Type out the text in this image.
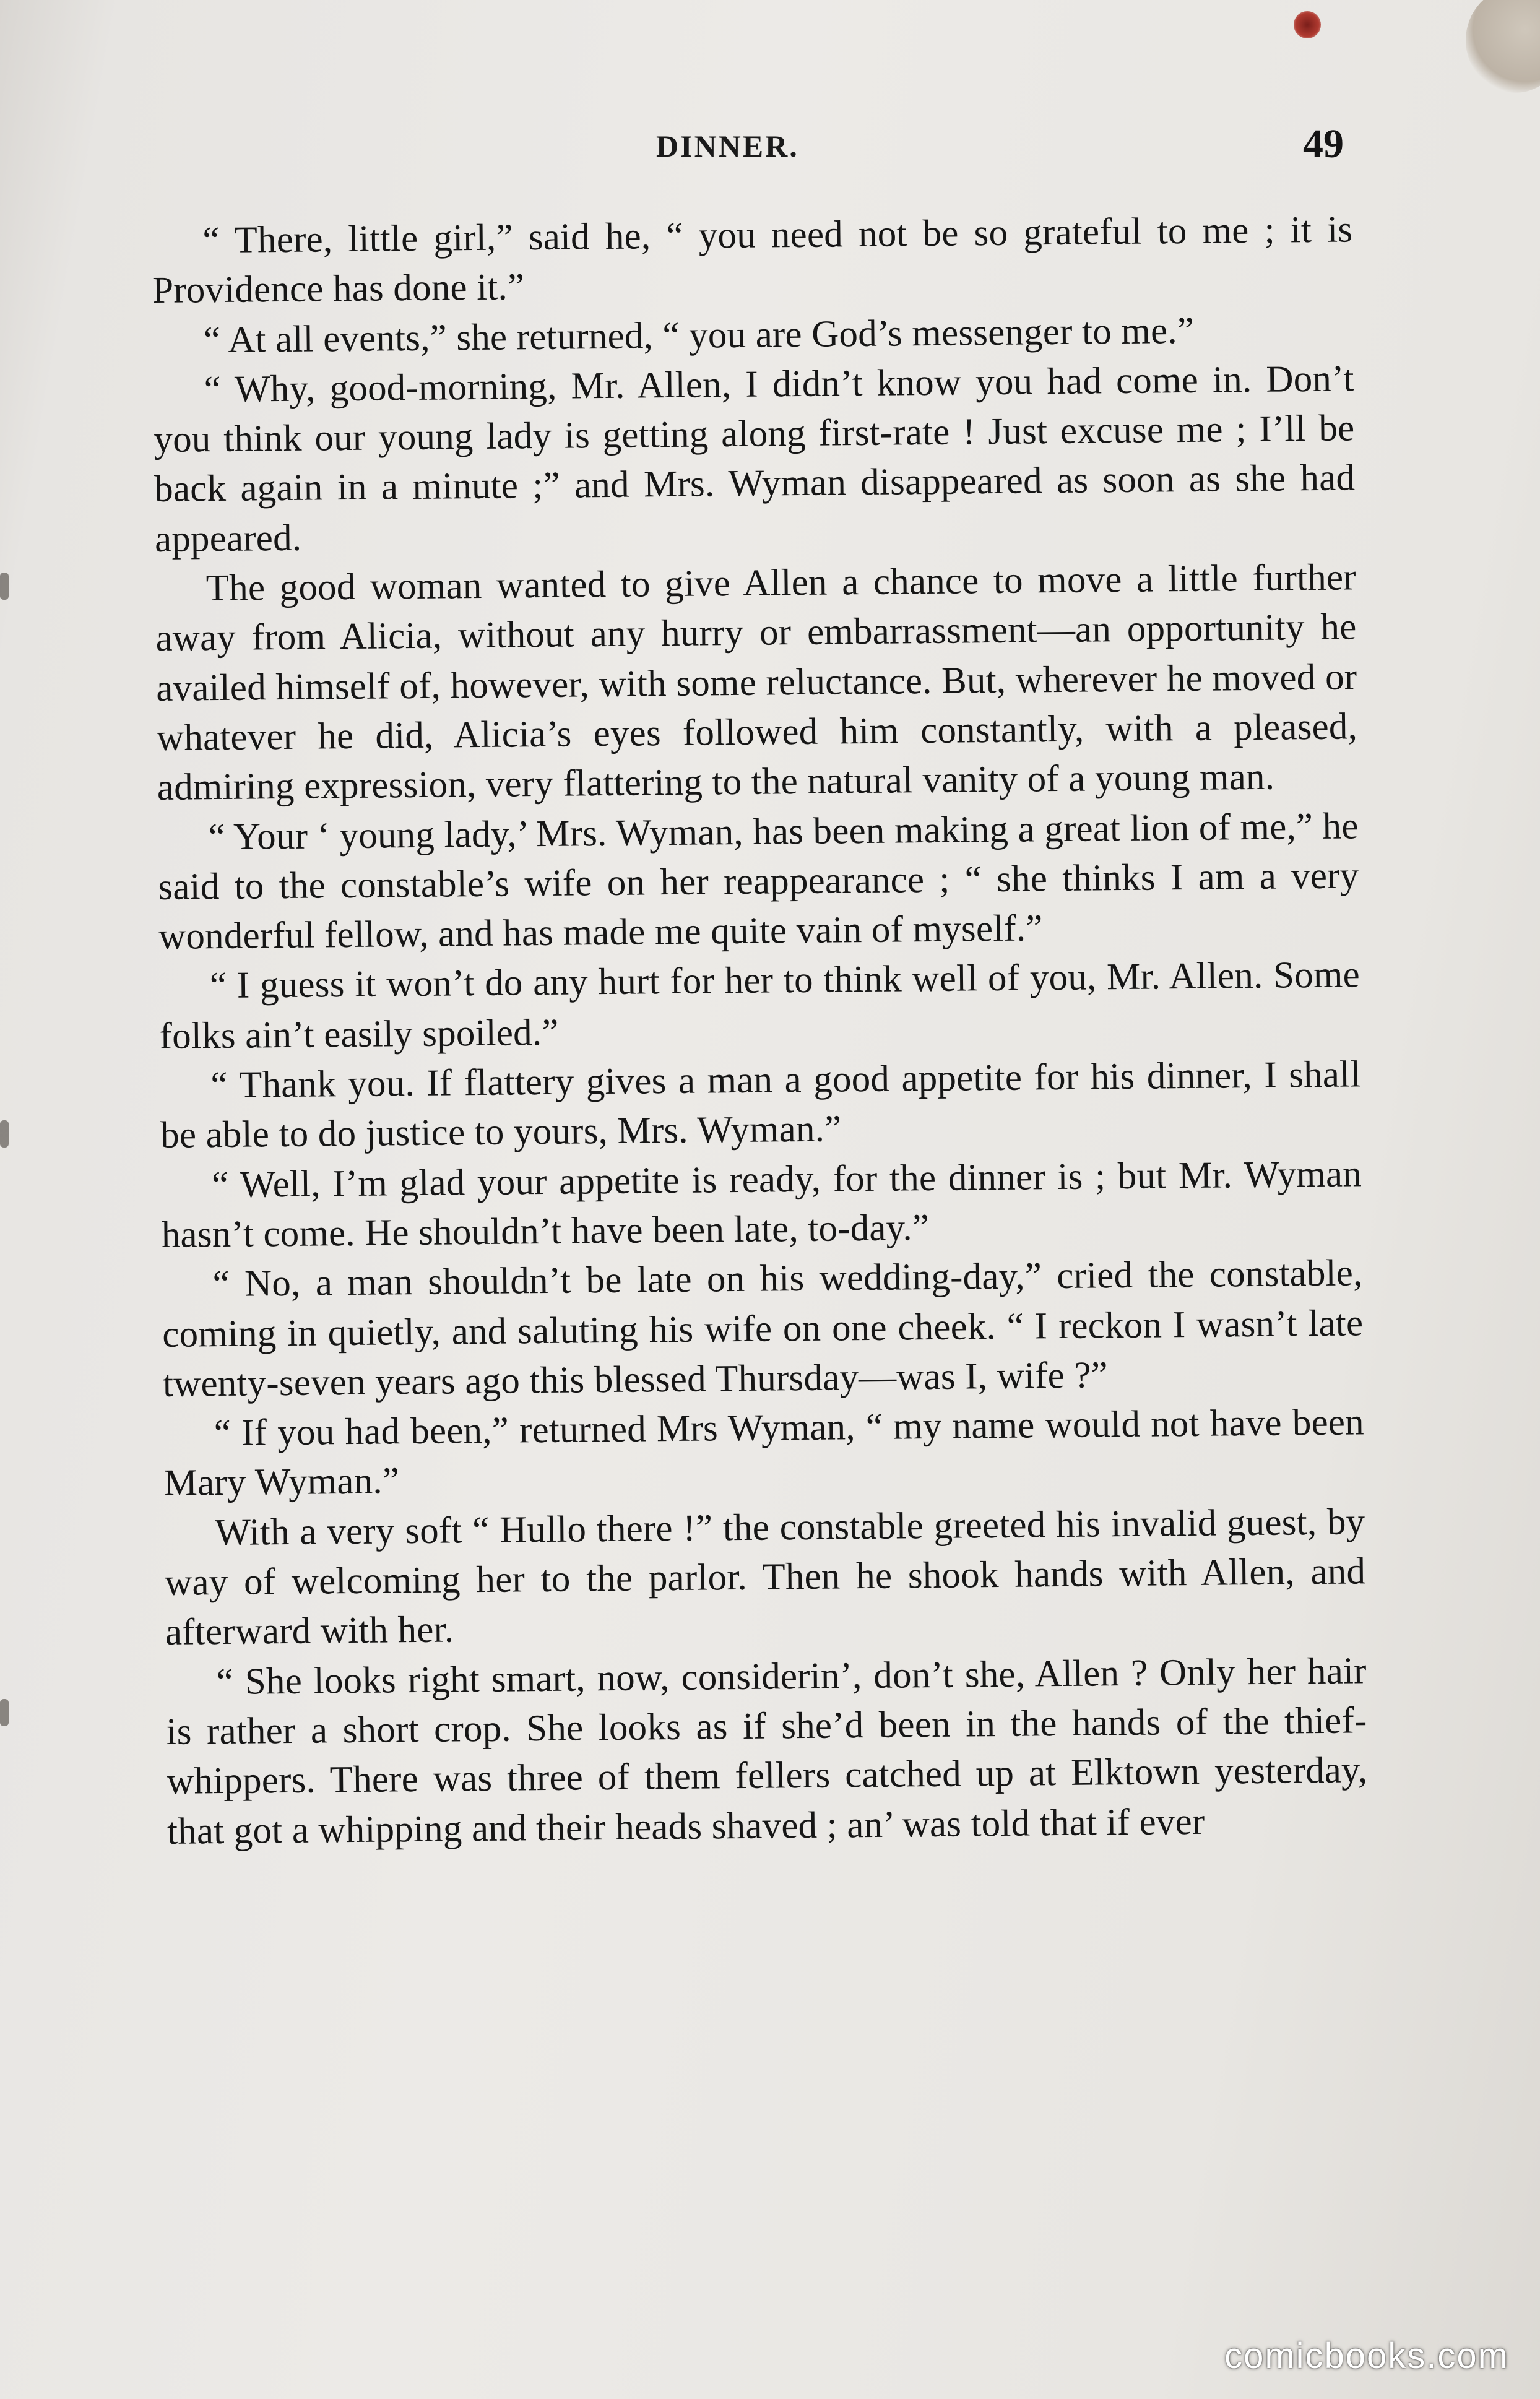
DINNER.	49

“ There, little girl,” said he, “ you need not be so grateful to me ; it is Providence has done it.”

“ At all events,” she returned, “ you are God’s messenger to me.”

“ Why, good-morning, Mr. Allen, I didn’t know you had come in. Don’t you think our young lady is getting along first-rate ! Just excuse me ; I’ll be back again in a minute ;” and Mrs. Wyman disappeared as soon as she had appeared.

The good woman wanted to give Allen a chance to move a little further away from Alicia, without any hurry or embarrassment—an opportunity he availed himself of, however, with some reluctance. But, wherever he moved or whatever he did, Alicia’s eyes followed him constantly, with a pleased, admiring expression, very flattering to the natural vanity of a young man.

“ Your ‘ young lady,’ Mrs. Wyman, has been making a great lion of me,” he said to the constable’s wife on her reappearance ; “ she thinks I am a very wonderful fellow, and has made me quite vain of myself.”

“ I guess it won’t do any hurt for her to think well of you, Mr. Allen. Some folks ain’t easily spoiled.”

“ Thank you. If flattery gives a man a good appetite for his dinner, I shall be able to do justice to yours, Mrs. Wyman.”

“ Well, I’m glad your appetite is ready, for the dinner is ; but Mr. Wyman hasn’t come. He shouldn’t have been late, to-day.”

“ No, a man shouldn’t be late on his wedding-day,” cried the constable, coming in quietly, and saluting his wife on one cheek. “ I reckon I wasn’t late twenty-seven years ago this blessed Thursday—was I, wife ?”

“ If you had been,” returned Mrs Wyman, “ my name would not have been Mary Wyman.”

With a very soft “ Hullo there !” the constable greeted his invalid guest, by way of welcoming her to the parlor. Then he shook hands with Allen, and afterward with her.

“ She looks right smart, now, considerin’, don’t she, Allen ? Only her hair is rather a short crop. She looks as if she’d been in the hands of the thief-whippers. There was three of them fellers catched up at Elktown yesterday, that got a whipping and their heads shaved ; an’ was told that if ever

comicbooks.com
